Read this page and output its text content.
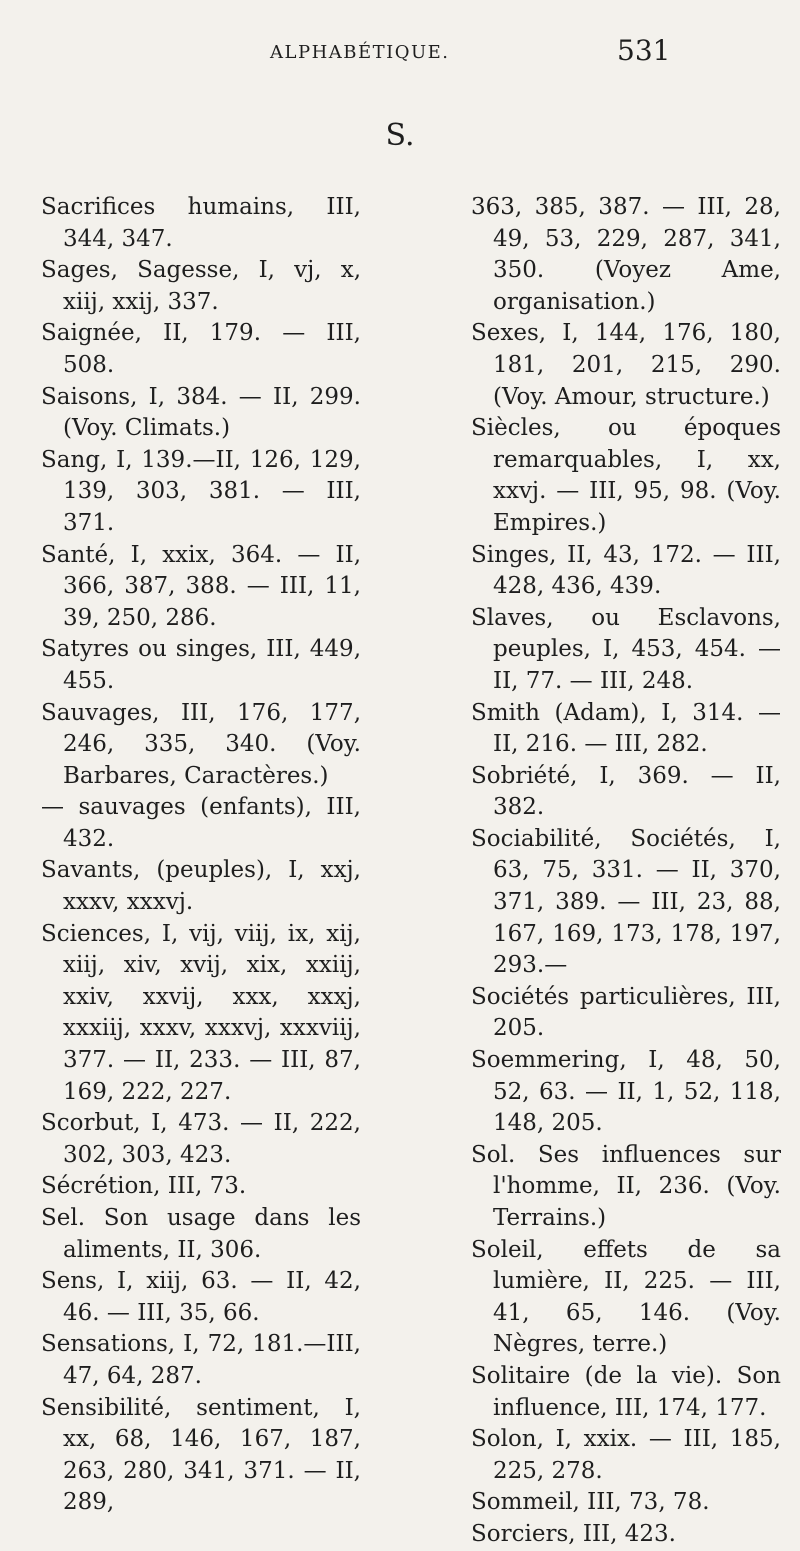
ALPHABÉTIQUE.	531
S.
Sacrifices humains, III, 344, 347.
Sages, Sagesse, I, vj, x, xiij, xxij, 337.
Saignée, II, 179. — III, 508.
Saisons, I, 384. — II, 299. (Voy. Climats.)
Sang, I, 139.—II, 126, 129, 139, 303, 381. — III, 371.
Santé, I, xxix, 364. — II, 366, 387, 388. — III, 11, 39, 250, 286.
Satyres ou singes, III, 449, 455.
Sauvages, III, 176, 177, 246, 335, 340. (Voy. Barbares, Caractères.)
— sauvages (enfants), III, 432.
Savants, (peuples), I, xxj, xxxv, xxxvj.
Sciences, I, vij, viij, ix, xij, xiij, xiv, xvij, xix, xxiij, xxiv, xxvij, xxx, xxxj, xxxiij, xxxv, xxxvj, xxxviij, 377. — II, 233. — III, 87, 169, 222, 227.
Scorbut, I, 473. — II, 222, 302, 303, 423.
Sécrétion, III, 73.
Sel. Son usage dans les aliments, II, 306.
Sens, I, xiij, 63. — II, 42, 46. — III, 35, 66.
Sensations, I, 72, 181.—III, 47, 64, 287.
Sensibilité, sentiment, I, xx, 68, 146, 167, 187, 263, 280, 341, 371. — II, 289,
363, 385, 387. — III, 28, 49, 53, 229, 287, 341, 350. (Voyez Ame, organisation.)
Sexes, I, 144, 176, 180, 181, 201, 215, 290. (Voy. Amour, structure.)
Siècles, ou époques remarquables, I, xx, xxvj. — III, 95, 98. (Voy. Empires.)
Singes, II, 43, 172. — III, 428, 436, 439.
Slaves, ou Esclavons, peuples, I, 453, 454. — II, 77. — III, 248.
Smith (Adam), I, 314. — II, 216. — III, 282.
Sobriété, I, 369. — II, 382.
Sociabilité, Sociétés, I, 63, 75, 331. — II, 370, 371, 389. — III, 23, 88, 167, 169, 173, 178, 197, 293.—
Sociétés particulières, III, 205.
Soemmering, I, 48, 50, 52, 63. — II, 1, 52, 118, 148, 205.
Sol. Ses influences sur l'homme, II, 236. (Voy. Terrains.)
Soleil, effets de sa lumière, II, 225. — III, 41, 65, 146. (Voy. Nègres, terre.)
Solitaire (de la vie). Son influence, III, 174, 177.
Solon, I, xxix. — III, 185, 225, 278.
Sommeil, III, 73, 78.
Sorciers, III, 423.
